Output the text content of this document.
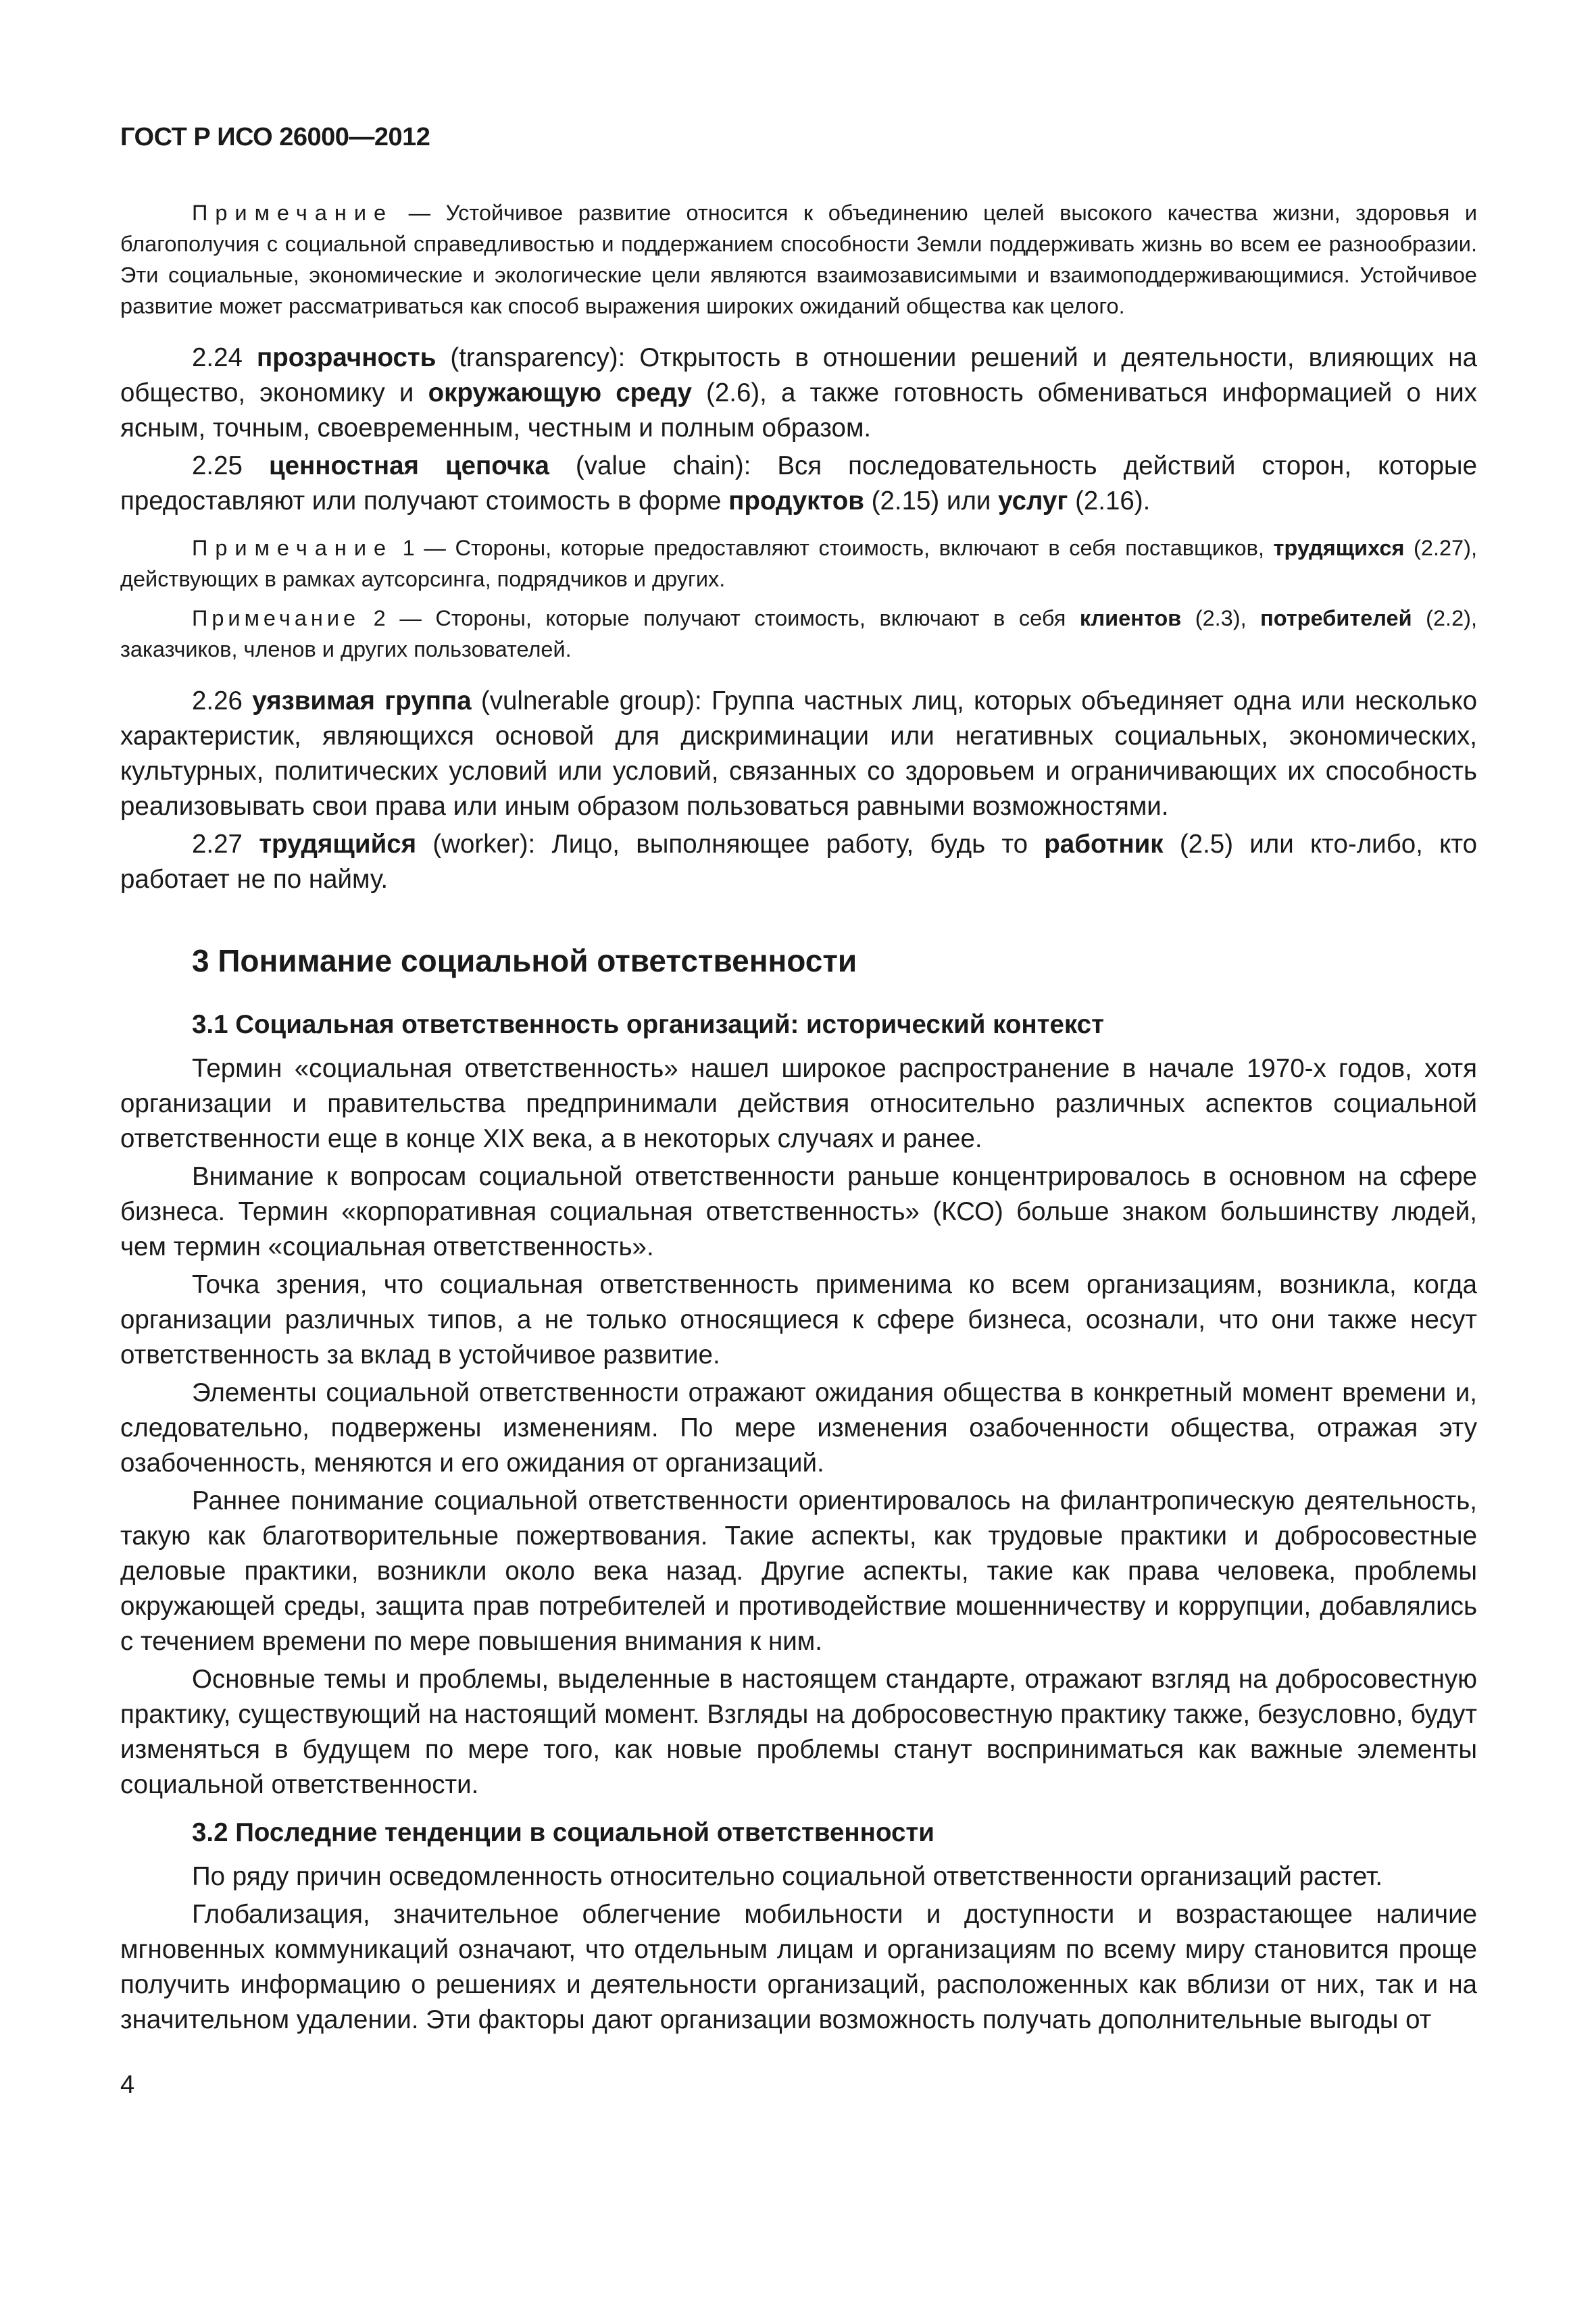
ГОСТ Р ИСО 26000—2012

Примечание — Устойчивое развитие относится к объединению целей высокого качества жизни, здоровья и благополучия с социальной справедливостью и поддержанием способности Земли поддерживать жизнь во всем ее разнообразии. Эти социальные, экономические и экологические цели являются взаимозависимыми и взаимоподдерживающимися. Устойчивое развитие может рассматриваться как способ выражения широких ожиданий общества как целого.

2.24 прозрачность (transparency): Открытость в отношении решений и деятельности, влияющих на общество, экономику и окружающую среду (2.6), а также готовность обмениваться информацией о них ясным, точным, своевременным, честным и полным образом.

2.25 ценностная цепочка (value chain): Вся последовательность действий сторон, которые предоставляют или получают стоимость в форме продуктов (2.15) или услуг (2.16).

Примечание 1 — Стороны, которые предоставляют стоимость, включают в себя поставщиков, трудящихся (2.27), действующих в рамках аутсорсинга, подрядчиков и других.

Примечание 2 — Стороны, которые получают стоимость, включают в себя клиентов (2.3), потребителей (2.2), заказчиков, членов и других пользователей.

2.26 уязвимая группа (vulnerable group): Группа частных лиц, которых объединяет одна или несколько характеристик, являющихся основой для дискриминации или негативных социальных, экономических, культурных, политических условий или условий, связанных со здоровьем и ограничивающих их способность реализовывать свои права или иным образом пользоваться равными возможностями.

2.27 трудящийся (worker): Лицо, выполняющее работу, будь то работник (2.5) или кто-либо, кто работает не по найму.

3 Понимание социальной ответственности
3.1 Социальная ответственность организаций: исторический контекст

Термин «социальная ответственность» нашел широкое распространение в начале 1970-х годов, хотя организации и правительства предпринимали действия относительно различных аспектов социальной ответственности еще в конце XIX века, а в некоторых случаях и ранее.

Внимание к вопросам социальной ответственности раньше концентрировалось в основном на сфере бизнеса. Термин «корпоративная социальная ответственность» (КСО) больше знаком большинству людей, чем термин «социальная ответственность».

Точка зрения, что социальная ответственность применима ко всем организациям, возникла, когда организации различных типов, а не только относящиеся к сфере бизнеса, осознали, что они также несут ответственность за вклад в устойчивое развитие.

Элементы социальной ответственности отражают ожидания общества в конкретный момент времени и, следовательно, подвержены изменениям. По мере изменения озабоченности общества, отражая эту озабоченность, меняются и его ожидания от организаций.

Раннее понимание социальной ответственности ориентировалось на филантропическую деятельность, такую как благотворительные пожертвования. Такие аспекты, как трудовые практики и добросовестные деловые практики, возникли около века назад. Другие аспекты, такие как права человека, проблемы окружающей среды, защита прав потребителей и противодействие мошенничеству и коррупции, добавлялись с течением времени по мере повышения внимания к ним.

Основные темы и проблемы, выделенные в настоящем стандарте, отражают взгляд на добросовестную практику, существующий на настоящий момент. Взгляды на добросовестную практику также, безусловно, будут изменяться в будущем по мере того, как новые проблемы станут восприниматься как важные элементы социальной ответственности.

3.2 Последние тенденции в социальной ответственности

По ряду причин осведомленность относительно социальной ответственности организаций растет.

Глобализация, значительное облегчение мобильности и доступности и возрастающее наличие мгновенных коммуникаций означают, что отдельным лицам и организациям по всему миру становится проще получить информацию о решениях и деятельности организаций, расположенных как вблизи от них, так и на значительном удалении. Эти факторы дают организации возможность получать дополнительные выгоды от

4
